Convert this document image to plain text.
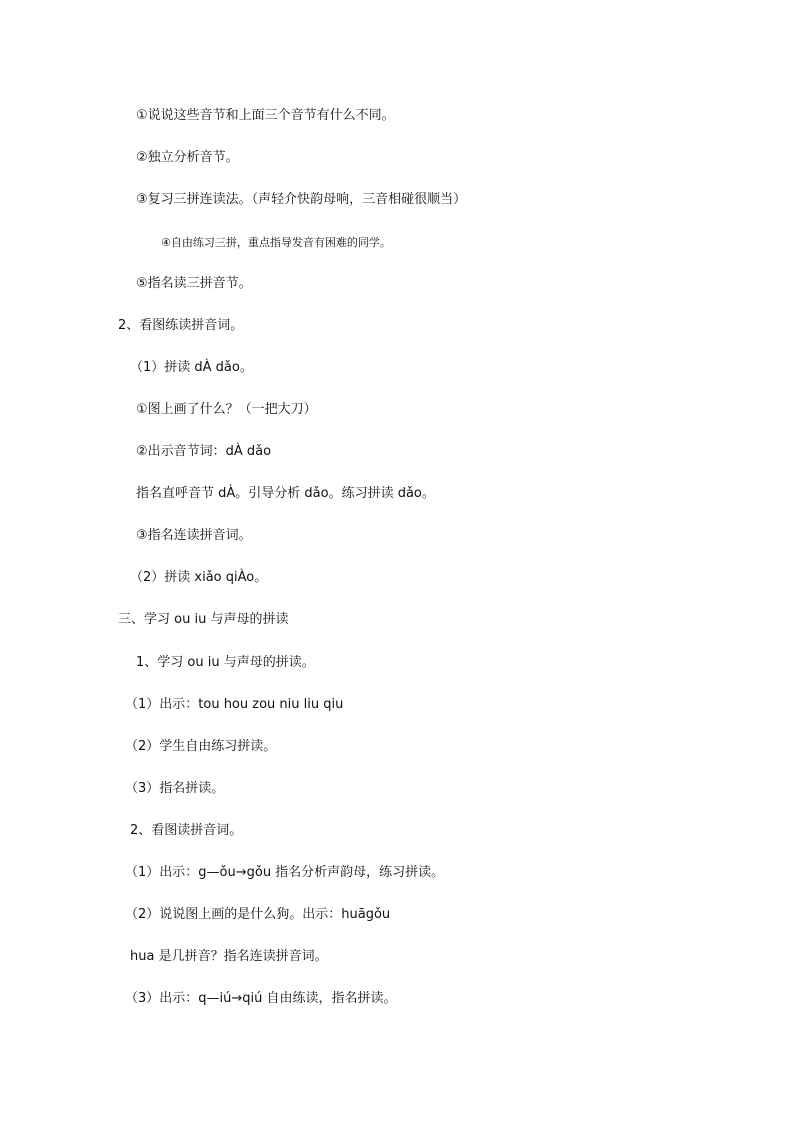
①说说这些音节和上面三个音节有什么不同。
②独立分析音节。
③复习三拼连读法。（声轻介快韵母响，三音相碰很顺当）
④自由练习三拼，重点指导发音有困难的同学。
⑤指名读三拼音节。
2、看图练读拼音词。
（1）拼读 dÀ dǎo。
①图上画了什么？（一把大刀）
②出示音节词：dÀ dǎo
指名直呼音节 dÀ。引导分析 dǎo。练习拼读 dǎo。
③指名连读拼音词。
（2）拼读 xiǎo qiÀo。
三、学习 ou iu 与声母的拼读
1、学习 ou iu 与声母的拼读。
（1）出示：tou hou zou niu liu qiu
（2）学生自由练习拼读。
（3）指名拼读。
2、看图读拼音词。
（1）出示：g—ǒu→gǒu 指名分析声韵母，练习拼读。
（2）说说图上画的是什么狗。出示：huāgǒu
hua 是几拼音？指名连读拼音词。
（3）出示：q—iú→qiú 自由练读，指名拼读。
